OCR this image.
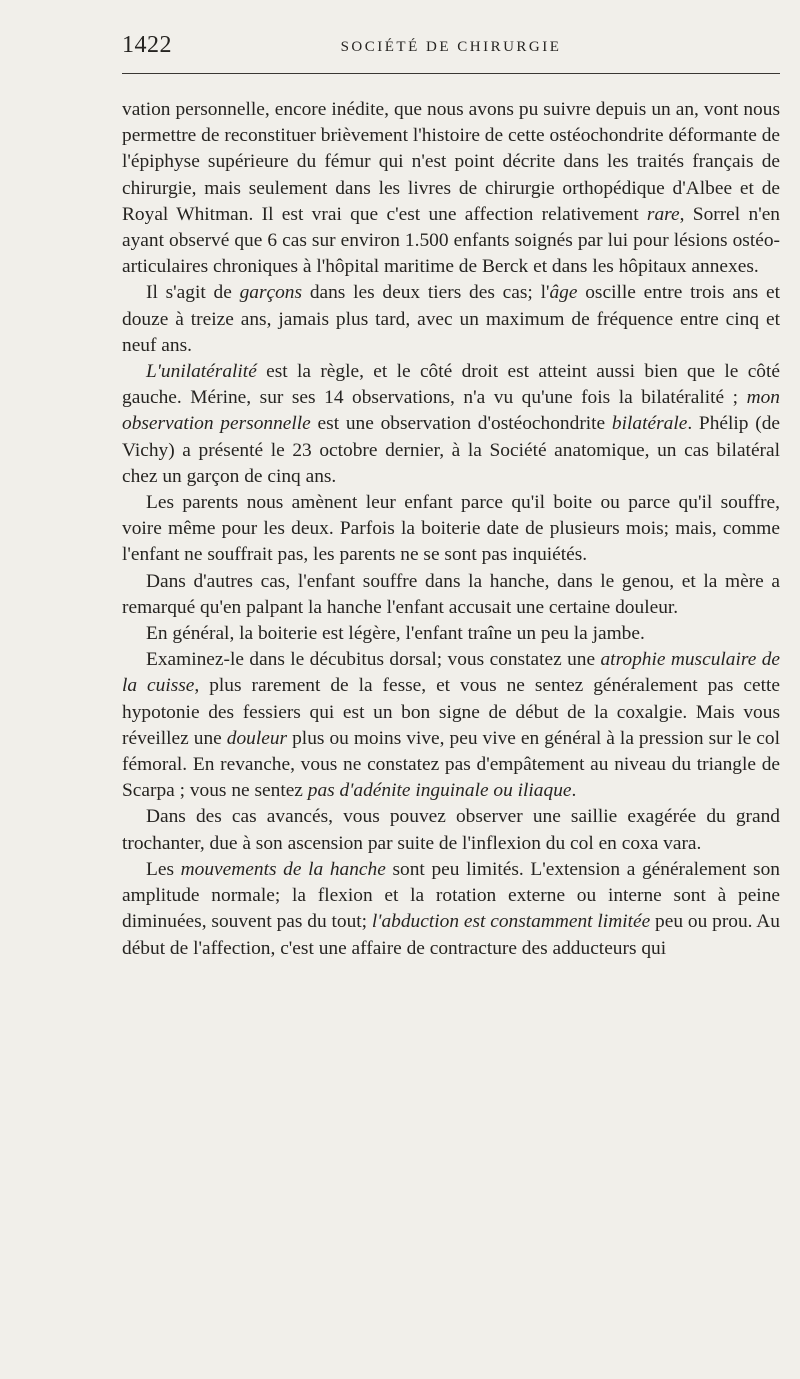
1422	SOCIÉTÉ DE CHIRURGIE

vation personnelle, encore inédite, que nous avons pu suivre depuis un an, vont nous permettre de reconstituer brièvement l'histoire de cette ostéochondrite déformante de l'épiphyse supérieure du fémur qui n'est point décrite dans les traités français de chirurgie, mais seulement dans les livres de chirurgie orthopédique d'Albee et de Royal Whitman. Il est vrai que c'est une affection relativement rare, Sorrel n'en ayant observé que 6 cas sur environ 1.500 enfants soignés par lui pour lésions ostéo-articulaires chroniques à l'hôpital maritime de Berck et dans les hôpitaux annexes.

Il s'agit de garçons dans les deux tiers des cas; l'âge oscille entre trois ans et douze à treize ans, jamais plus tard, avec un maximum de fréquence entre cinq et neuf ans.

L'unilatéralité est la règle, et le côté droit est atteint aussi bien que le côté gauche. Mérine, sur ses 14 observations, n'a vu qu'une fois la bilatéralité ; mon observation personnelle est une observation d'ostéochondrite bilatérale. Phélip (de Vichy) a présenté le 23 octobre dernier, à la Société anatomique, un cas bilatéral chez un garçon de cinq ans.

Les parents nous amènent leur enfant parce qu'il boite ou parce qu'il souffre, voire même pour les deux. Parfois la boiterie date de plusieurs mois; mais, comme l'enfant ne souffrait pas, les parents ne se sont pas inquiétés.

Dans d'autres cas, l'enfant souffre dans la hanche, dans le genou, et la mère a remarqué qu'en palpant la hanche l'enfant accusait une certaine douleur.

En général, la boiterie est légère, l'enfant traîne un peu la jambe.

Examinez-le dans le décubitus dorsal; vous constatez une atrophie musculaire de la cuisse, plus rarement de la fesse, et vous ne sentez généralement pas cette hypotonie des fessiers qui est un bon signe de début de la coxalgie. Mais vous réveillez une douleur plus ou moins vive, peu vive en général à la pression sur le col fémoral. En revanche, vous ne constatez pas d'empâtement au niveau du triangle de Scarpa ; vous ne sentez pas d'adénite inguinale ou iliaque.

Dans des cas avancés, vous pouvez observer une saillie exagérée du grand trochanter, due à son ascension par suite de l'inflexion du col en coxa vara.

Les mouvements de la hanche sont peu limités. L'extension a généralement son amplitude normale; la flexion et la rotation externe ou interne sont à peine diminuées, souvent pas du tout; l'abduction est constamment limitée peu ou prou. Au début de l'affection, c'est une affaire de contracture des adducteurs qui
